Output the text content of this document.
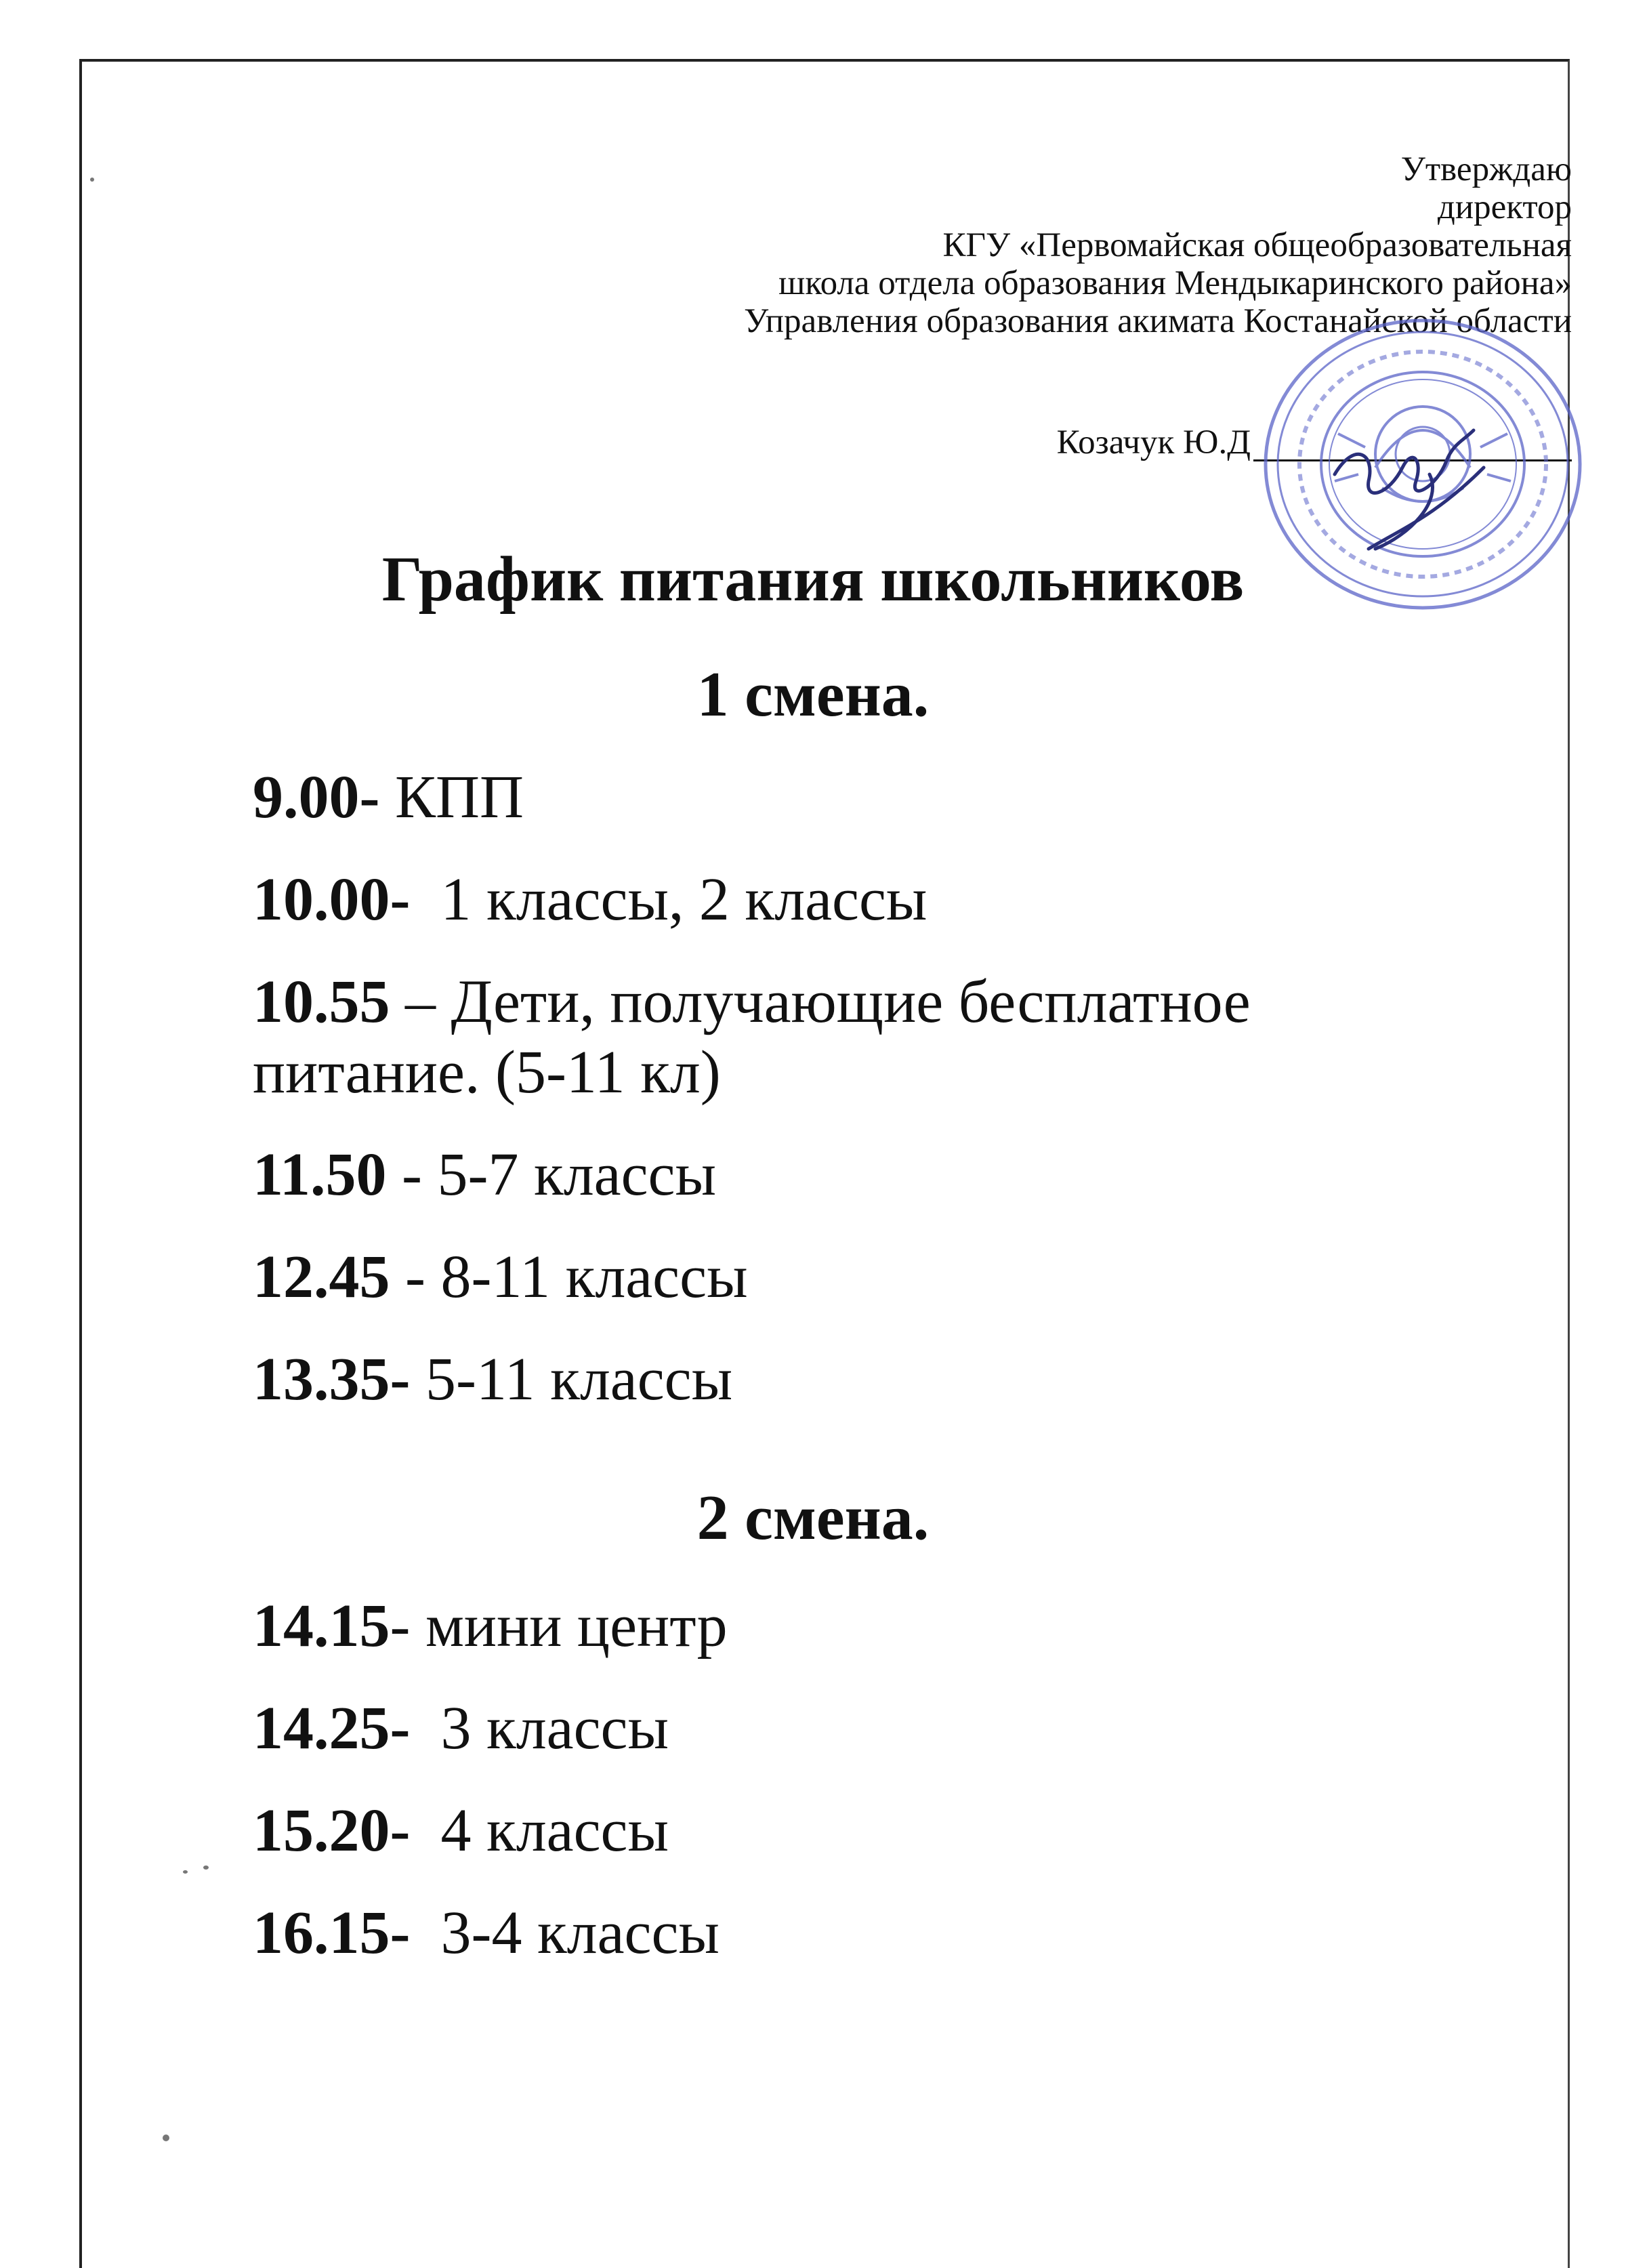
Утверждаю
директор
КГУ «Первомайская общеобразовательная
школа отдела образования Мендыкаринского района»
Управления образования акимата Костанайской области
Козачук Ю.Д
График питания школьников
1 смена.
9.00- КПП
10.00-  1 классы, 2 классы
10.55 – Дети, получающие бесплатное
питание. (5-11 кл)
11.50 - 5-7 классы
12.45 - 8-11 классы
13.35- 5-11 классы
2 смена.
14.15- мини центр
14.25-  3 классы
15.20-  4 классы
16.15-  3-4 классы
